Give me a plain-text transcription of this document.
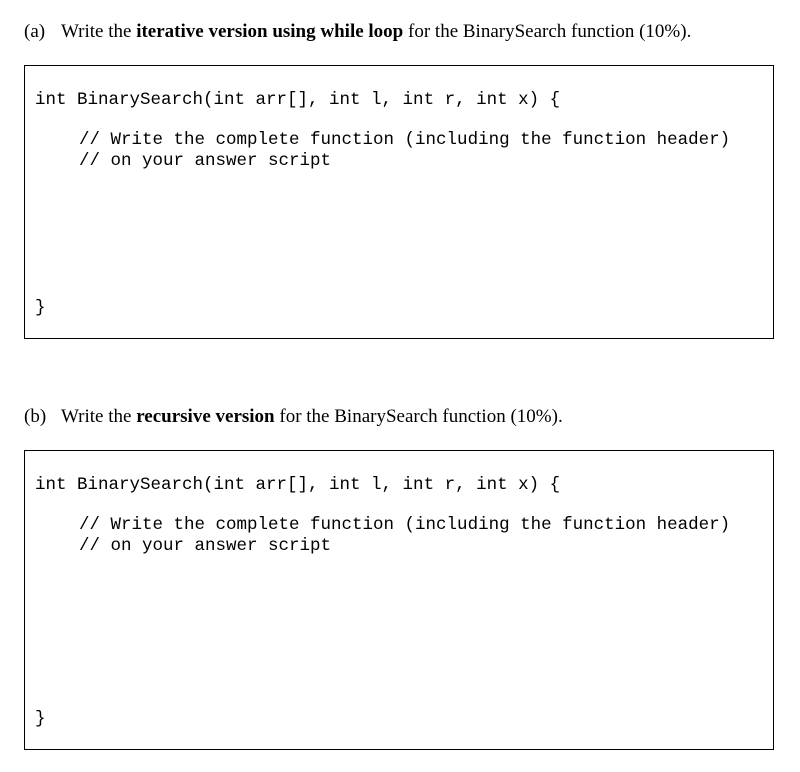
(a) Write the iterative version using while loop for the BinarySearch function (10%).

int BinarySearch(int arr[], int l, int r, int x) {

// Write the complete function (including the function header)

// on your answer script

}

(b) Write the recursive version for the BinarySearch function (10%).

int BinarySearch(int arr[], int l, int r, int x) {

// Write the complete function (including the function header)

// on your answer script

}
